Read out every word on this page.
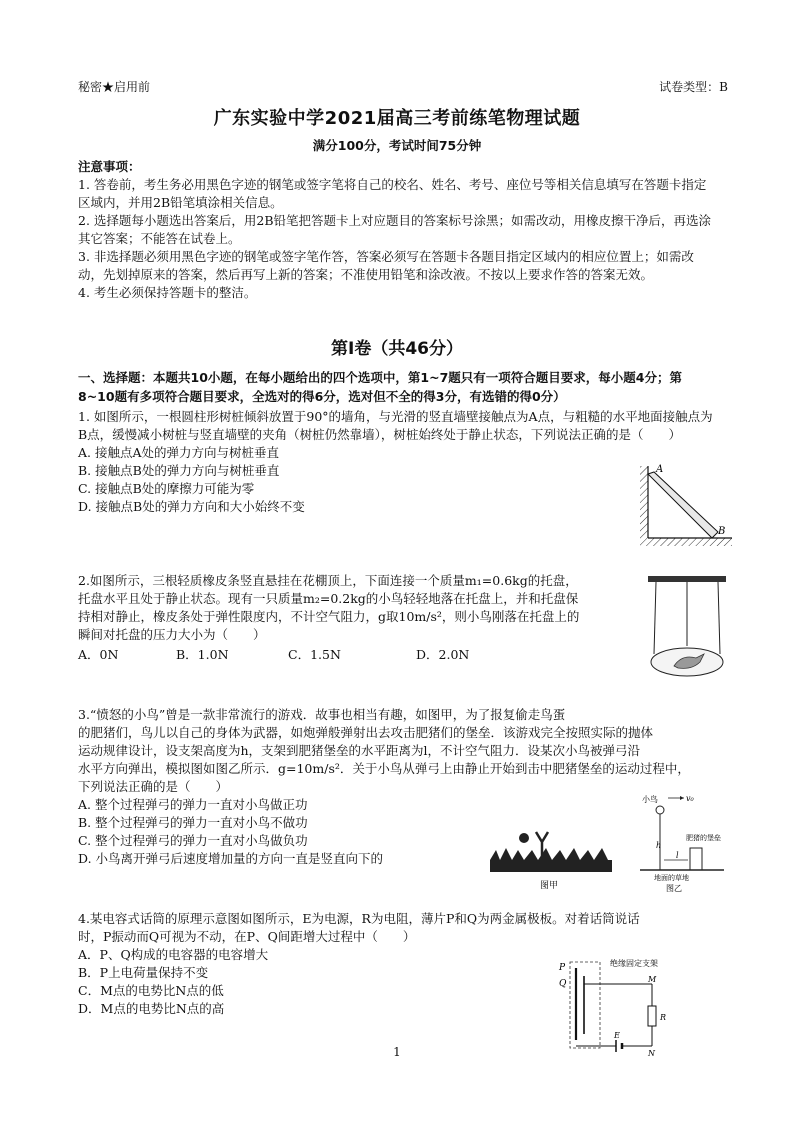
秘密★启用前	试卷类型：B
广东实验中学2021届高三考前练笔物理试题
满分100分，考试时间75分钟

注意事项：

1. 答卷前，考生务必用黑色字迹的钢笔或签字笔将自己的校名、姓名、考号、座位号等相关信息填写在答题卡指定区域内，并用2B铅笔填涂相关信息。

2. 选择题每小题选出答案后，用2B铅笔把答题卡上对应题目的答案标号涂黑；如需改动，用橡皮擦干净后，再选涂其它答案；不能答在试卷上。

3. 非选择题必须用黑色字迹的钢笔或签字笔作答，答案必须写在答题卡各题目指定区域内的相应位置上；如需改动，先划掉原来的答案，然后再写上新的答案；不准使用铅笔和涂改液。不按以上要求作答的答案无效。

4. 考生必须保持答题卡的整洁。

第Ⅰ卷（共46分）
一、选择题：本题共10小题，在每小题给出的四个选项中，第1~7题只有一项符合题目要求，每小题4分；第8~10题有多项符合题目要求，全选对的得6分，选对但不全的得3分，有选错的得0分）

1. 如图所示，一根圆柱形树桩倾斜放置于90°的墙角，与光滑的竖直墙壁接触点为A点，与粗糙的水平地面接触点为B点，缓慢减小树桩与竖直墙壁的夹角（树桩仍然靠墙），树桩始终处于静止状态，下列说法正确的是（　　）

A. 接触点A处的弹力方向与树桩垂直

B. 接触点B处的弹力方向与树桩垂直

C. 接触点B处的摩擦力可能为零

D. 接触点B处的弹力方向和大小始终不变

A
B

2.如图所示，三根轻质橡皮条竖直悬挂在花棚顶上，下面连接一个质量m₁=0.6kg的托盘，

托盘水平且处于静止状态。现有一只质量m₂=0.2kg的小鸟轻轻地落在托盘上，并和托盘保

持相对静止，橡皮条处于弹性限度内，不计空气阻力，g取10m/s²，则小鸟刚落在托盘上的

瞬间对托盘的压力大小为（　　）

A．0N	B．1.0N	C．1.5N	D．2.0N

3.“愤怒的小鸟”曾是一款非常流行的游戏．故事也相当有趣，如图甲，为了报复偷走鸟蛋

的肥猪们，鸟儿以自己的身体为武器，如炮弹般弹射出去攻击肥猪们的堡垒．该游戏完全按照实际的抛体

运动规律设计，设支架高度为h，支架到肥猪堡垒的水平距离为l，不计空气阻力．设某次小鸟被弹弓沿

水平方向弹出，模拟图如图乙所示．g=10m/s²．关于小鸟从弹弓上由静止开始到击中肥猪堡垒的运动过程中，

下列说法正确的是（　　）

A. 整个过程弹弓的弹力一直对小鸟做正功

B. 整个过程弹弓的弹力一直对小鸟不做功

C. 整个过程弹弓的弹力一直对小鸟做负功

D. 小鸟离开弹弓后速度增加量的方向一直是竖直向下的

图甲
小鸟	v₀
h
l
肥猪的堡垒
地面的草地
图乙

4.某电容式话筒的原理示意图如图所示，E为电源，R为电阻，薄片P和Q为两金属极板。对着话筒说话

时，P振动而Q可视为不动，在P、Q间距增大过程中（　　）

A．P、Q构成的电容器的电容增大

B．P上电荷量保持不变

C．M点的电势比N点的低

D．M点的电势比N点的高

P
Q
绝缘固定支架
M
R
E
N
1
